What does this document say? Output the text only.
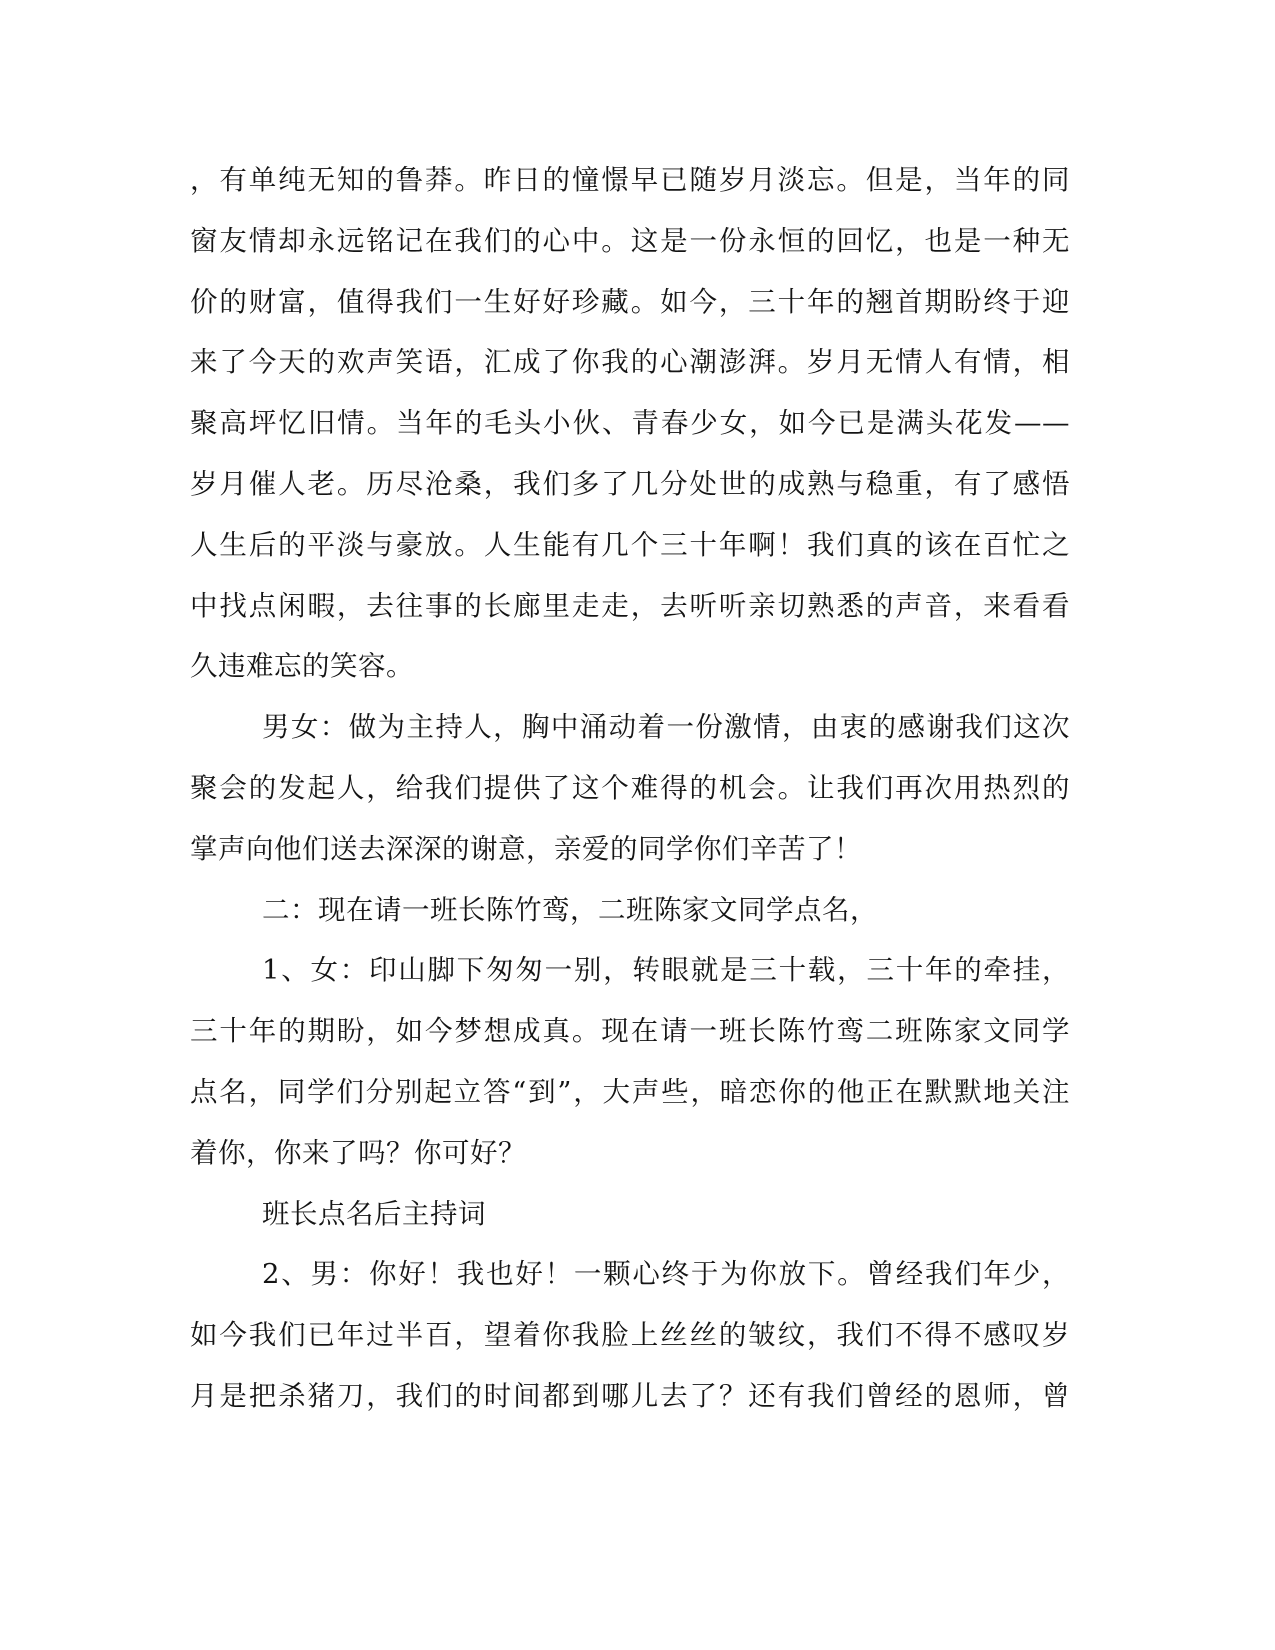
，有单纯无知的鲁莽。昨日的憧憬早已随岁月淡忘。但是，当年的同
窗友情却永远铭记在我们的心中。这是一份永恒的回忆，也是一种无
价的财富，值得我们一生好好珍藏。如今，三十年的翘首期盼终于迎
来了今天的欢声笑语，汇成了你我的心潮澎湃。岁月无情人有情，相
聚高坪忆旧情。当年的毛头小伙、青春少女，如今已是满头花发——
岁月催人老。历尽沧桑，我们多了几分处世的成熟与稳重，有了感悟
人生后的平淡与豪放。人生能有几个三十年啊！我们真的该在百忙之
中找点闲暇，去往事的长廊里走走，去听听亲切熟悉的声音，来看看
久违难忘的笑容。
男女：做为主持人，胸中涌动着一份激情，由衷的感谢我们这次
聚会的发起人，给我们提供了这个难得的机会。让我们再次用热烈的
掌声向他们送去深深的谢意，亲爱的同学你们辛苦了！
二：现在请一班长陈竹鸾，二班陈家文同学点名，
1、女：印山脚下匆匆一别，转眼就是三十载，三十年的牵挂，
三十年的期盼，如今梦想成真。现在请一班长陈竹鸾二班陈家文同学
点名，同学们分别起立答“到”，大声些，暗恋你的他正在默默地关注
着你，你来了吗？你可好？
班长点名后主持词
2、男：你好！我也好！一颗心终于为你放下。曾经我们年少，
如今我们已年过半百，望着你我脸上丝丝的皱纹，我们不得不感叹岁
月是把杀猪刀，我们的时间都到哪儿去了？还有我们曾经的恩师，曾
